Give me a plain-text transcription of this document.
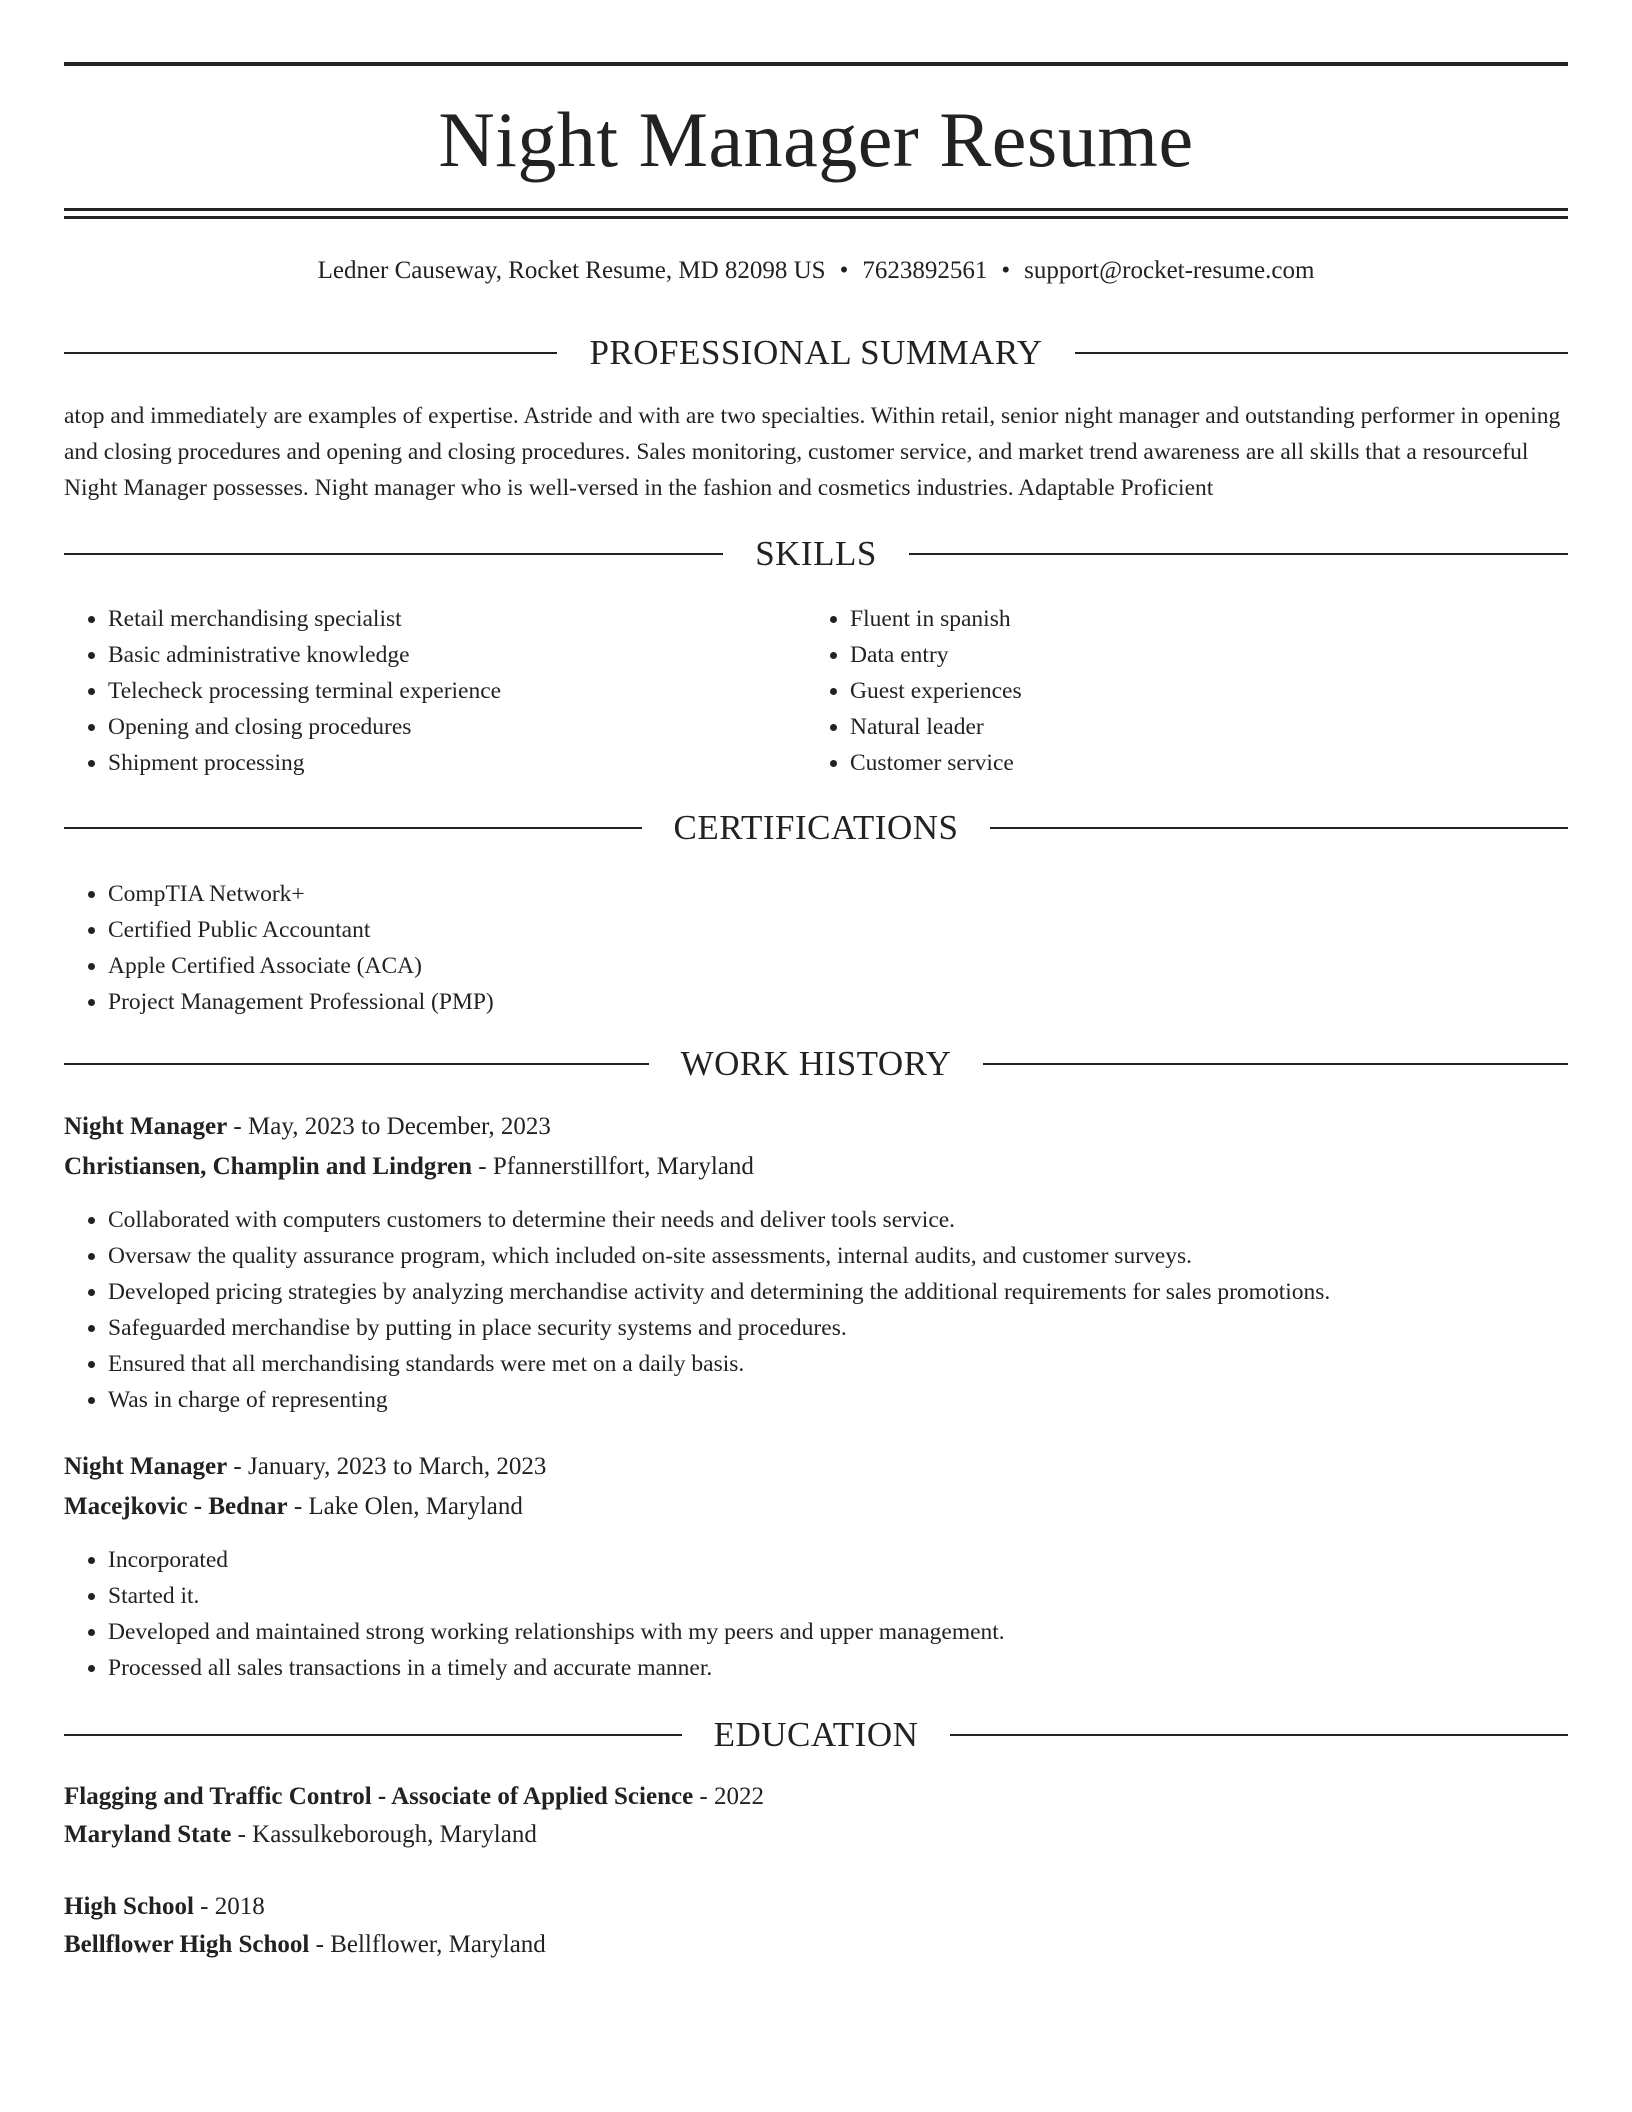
Night Manager Resume
Ledner Causeway, Rocket Resume, MD 82098 US • 7623892561 • support@rocket-resume.com
PROFESSIONAL SUMMARY

atop and immediately are examples of expertise. Astride and with are two specialties. Within retail, senior night manager and outstanding performer in opening and closing procedures and opening and closing procedures. Sales monitoring, customer service, and market trend awareness are all skills that a resourceful Night Manager possesses. Night manager who is well-versed in the fashion and cosmetics industries. Adaptable Proficient

SKILLS
• Retail merchandising specialist
• Basic administrative knowledge
• Telecheck processing terminal experience
• Opening and closing procedures
• Shipment processing
• Fluent in spanish
• Data entry
• Guest experiences
• Natural leader
• Customer service
CERTIFICATIONS
• CompTIA Network+
• Certified Public Accountant
• Apple Certified Associate (ACA)
• Project Management Professional (PMP)
WORK HISTORY
Night Manager - May, 2023 to December, 2023
Christiansen, Champlin and Lindgren - Pfannerstillfort, Maryland
• Collaborated with computers customers to determine their needs and deliver tools service.
• Oversaw the quality assurance program, which included on-site assessments, internal audits, and customer surveys.
• Developed pricing strategies by analyzing merchandise activity and determining the additional requirements for sales promotions.
• Safeguarded merchandise by putting in place security systems and procedures.
• Ensured that all merchandising standards were met on a daily basis.
• Was in charge of representing
Night Manager - January, 2023 to March, 2023
Macejkovic - Bednar - Lake Olen, Maryland
• Incorporated
• Started it.
• Developed and maintained strong working relationships with my peers and upper management.
• Processed all sales transactions in a timely and accurate manner.
EDUCATION
Flagging and Traffic Control - Associate of Applied Science - 2022
Maryland State - Kassulkeborough, Maryland
High School - 2018
Bellflower High School - Bellflower, Maryland
